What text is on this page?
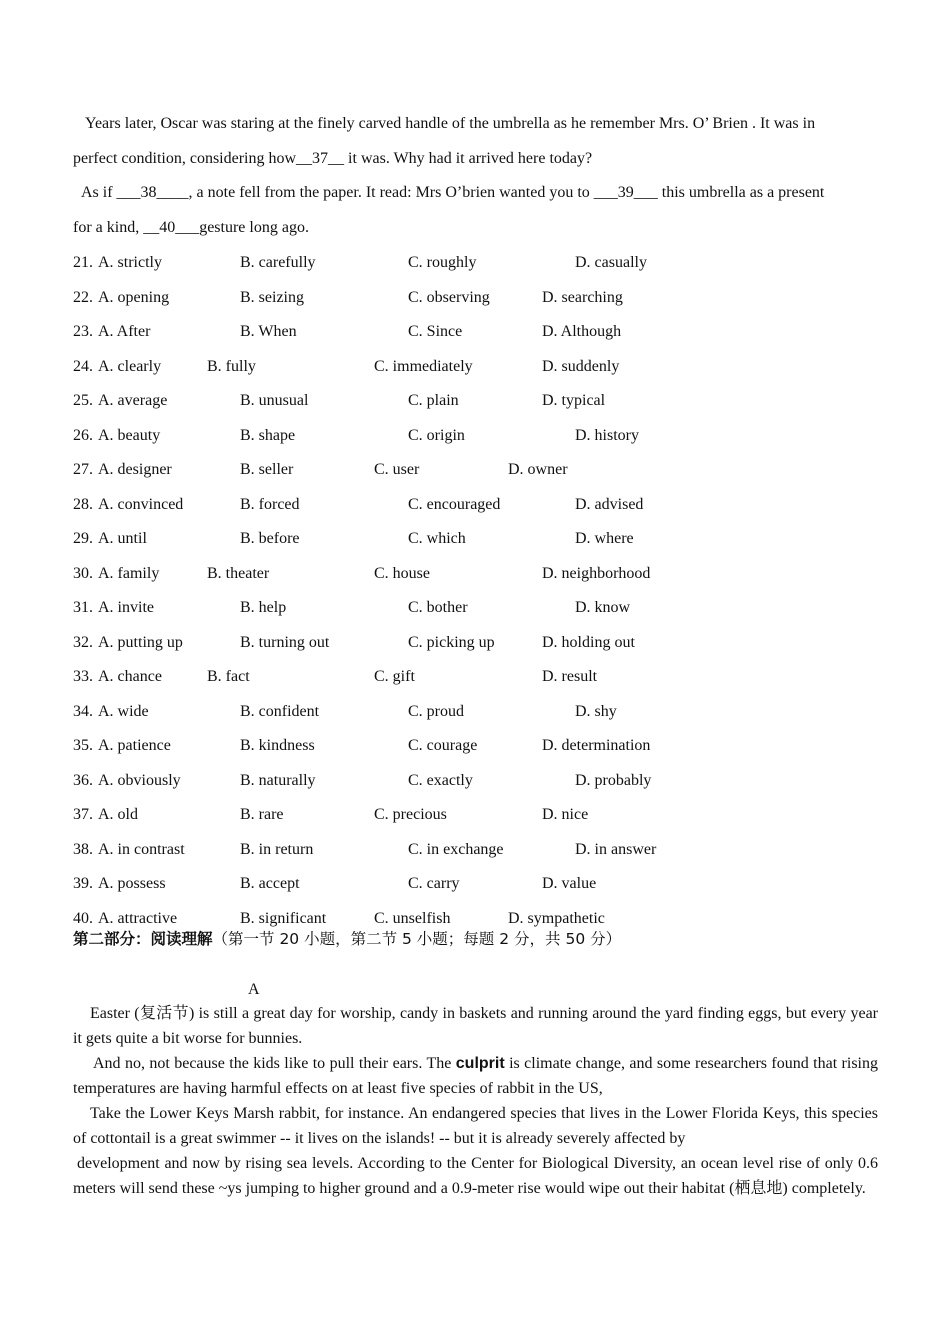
Years later, Oscar was staring at the finely carved handle of the umbrella as he remember Mrs. O’ Brien . It was in
perfect condition, considering how__37__ it was. Why had it arrived here today?
As if ___38____, a note fell from the paper. It read: Mrs O’brien wanted you to ___39___ this umbrella as a present
for a kind, __40___gesture long ago.
21. A. strictly	B. carefully	C. roughly	D. casually
22. A. opening	B. seizing	C. observing	D. searching
23. A. After	B. When	C. Since	D. Although
24. A. clearly	B. fully	C. immediately	D. suddenly
25. A. average	B. unusual	C. plain	D. typical
26. A. beauty	B. shape	C. origin	D. history
27. A. designer	B. seller	C. user	D. owner
28. A. convinced	B. forced	C. encouraged	D. advised
29. A. until	B. before	C. which	D. where
30. A. family	B. theater	C. house	D. neighborhood
31. A. invite	B. help	C. bother	D. know
32. A. putting up	B. turning out	C. picking up	D. holding out
33. A. chance	B. fact	C. gift	D. result
34. A. wide	B. confident	C. proud	D. shy
35. A. patience	B. kindness	C. courage	D. determination
36. A. obviously	B. naturally	C. exactly	D. probably
37. A. old	B. rare	C. precious	D. nice
38. A. in contrast	B. in return	C. in exchange	D. in answer
39. A. possess	B. accept	C. carry	D. value
40. A. attractive	B. significant	C. unselfish	D. sympathetic
第二部分：阅读理解（第一节 20 小题，第二节 5 小题；每题 2 分，共 50 分）
A

Easter (复活节) is still a great day for worship, candy in baskets and running around the yard finding eggs, but every year it gets quite a bit worse for bunnies.

And no, not because the kids like to pull their ears. The culprit is climate change, and some researchers found that rising temperatures are having harmful effects on at least five species of rabbit in the US,

Take the Lower Keys Marsh rabbit, for instance. An endangered species that lives in the Lower Florida Keys, this species of cottontail is a great swimmer -- it lives on the islands! -- but it is already severely affected by

development and now by rising sea levels. According to the Center for Biological Diversity, an ocean level rise of only 0.6 meters will send these ~ys jumping to higher ground and a 0.9-meter rise would wipe out their habitat (栖息地) completely.
